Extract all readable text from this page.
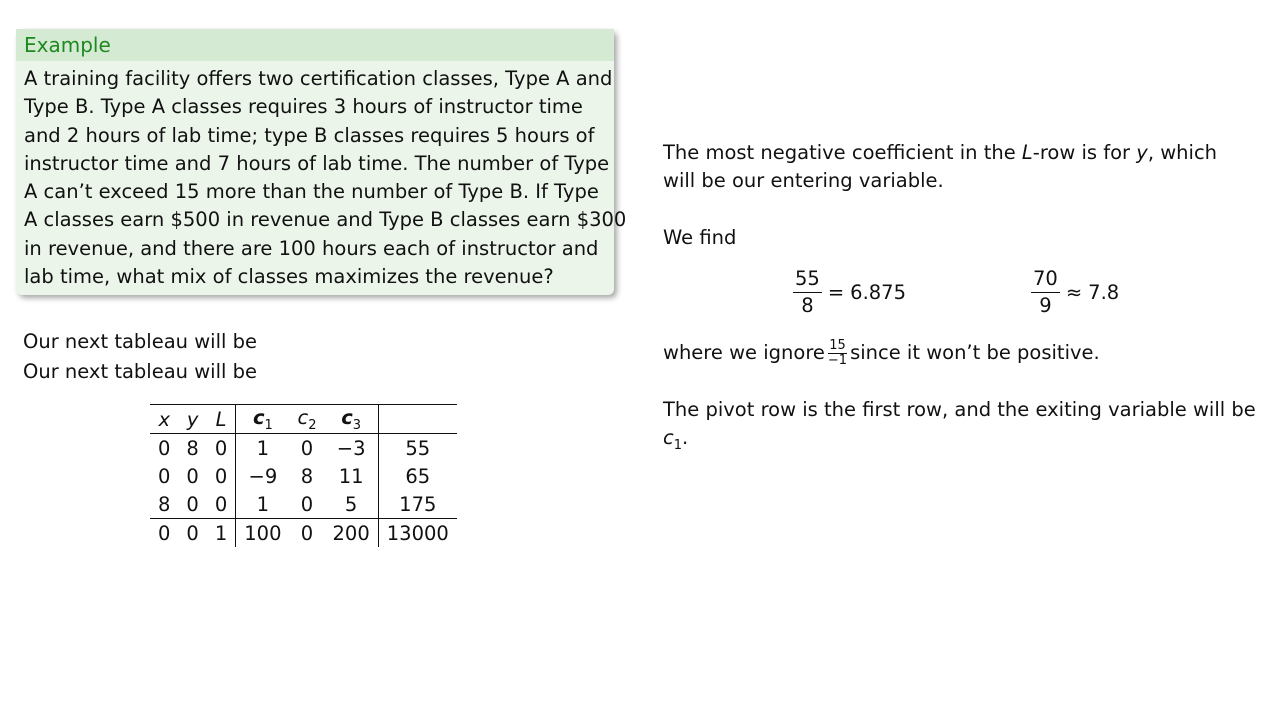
Example
A training facility offers two certification classes, Type A and
Type B. Type A classes requires 3 hours of instructor time
and 2 hours of lab time; type B classes requires 5 hours of
instructor time and 7 hours of lab time. The number of Type
A can’t exceed 15 more than the number of Type B. If Type
A classes earn $500 in revenue and Type B classes earn $300
in revenue, and there are 100 hours each of instructor and
lab time, what mix of classes maximizes the revenue?
Our next tableau will be
Our next tableau will be
x	y	L	$c_1$	$c_2$	$c_3$	
0	8	0	1	0	−3	55
0	0	0	−9	8	11	65
8	0	0	1	0	5	175
0	0	1	100	0	200	13000
The most negative coefficient in the L-row is for y, which
will be our entering variable.
We find
$\frac{55}{8} = 6.875$	$\frac{70}{9} \approx 7.8$
where we ignore $\frac{15}{-1}$ since it won’t be positive.
The pivot row is the first row, and the exiting variable will be
$c_1$.
